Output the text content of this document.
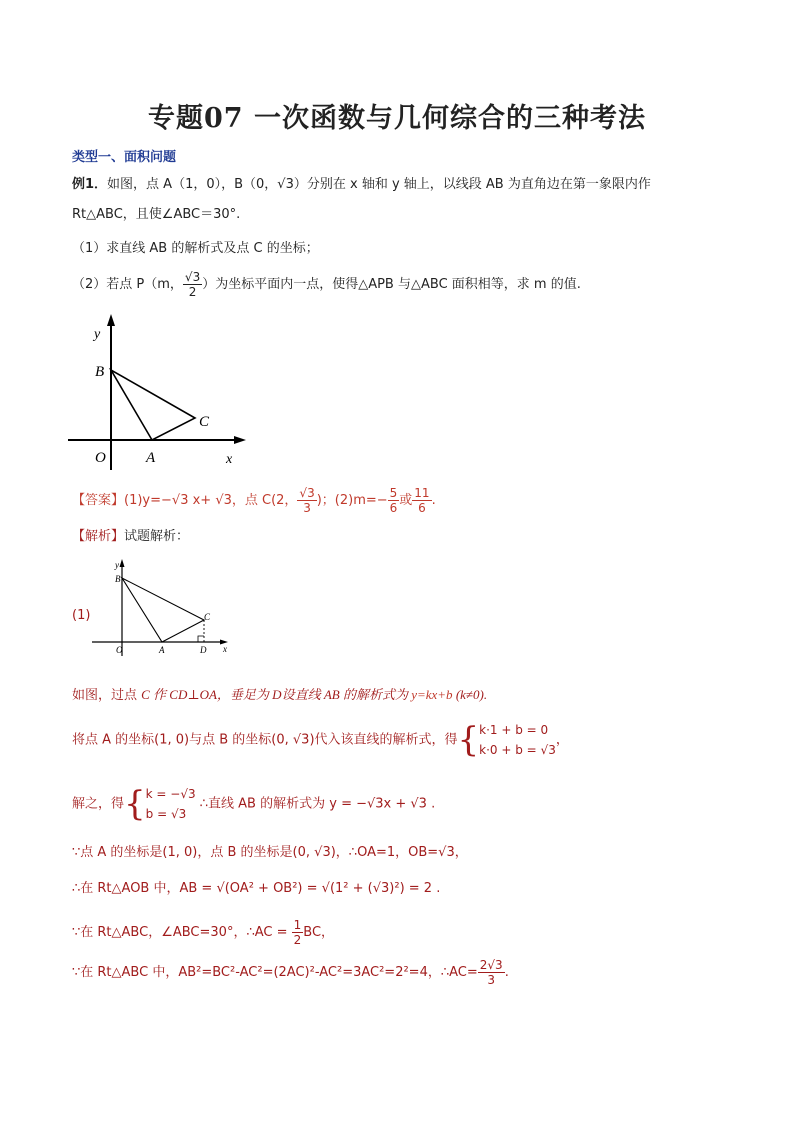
专题07 一次函数与几何综合的三种考法
类型一、面积问题
例1．如图，点 A（1，0），B（0，√3）分别在 x 轴和 y 轴上，以线段 AB 为直角边在第一象限内作
Rt△ABC，且使∠ABC＝30°.
（1）求直线 AB 的解析式及点 C 的坐标；
（2）若点 P（m， $\frac{√3}{2}$ ）为坐标平面内一点，使得△APB 与△ABC 面积相等，求 m 的值.
y
B
C
O	A	x
【答案】(1)y=−√3 x+ √3，点 C(2， $\frac{√3}{3}$ )；$(2)m=- \frac{5}{6}$ 或 $\frac{11}{6}$ .
【解析】试题解析：
(1)
y
B
C
O	A	D x
如图，过点 C 作 CD⊥OA，垂足为 D设直线 AB 的解析式为 y=kx+b (k≠0).
将点 A 的坐标(1, 0)与点 B 的坐标(0, √3)代入该直线的解析式，得{ k·1 + b = 0
k·0 + b = √3
，
解之，得{ k = −√3
b = √3
∴直线 AB 的解析式为 y = −√3x + √3 .
∵点 A 的坐标是(1, 0)，点 B 的坐标是(0, √3)，∴OA=1，OB=√3，
∴在 Rt△AOB 中，AB = √(OA² + OB²) = √(1² + (√3)²) = 2 .
∵在 Rt△ABC，∠ABC=30°，∴AC = $\frac{1}{2}$ BC，
∵在 Rt△ABC 中，AB²=BC²-AC²=(2AC)²-AC²=3AC²=2²=4，∴AC= $\frac{2√3}{3}$ .
